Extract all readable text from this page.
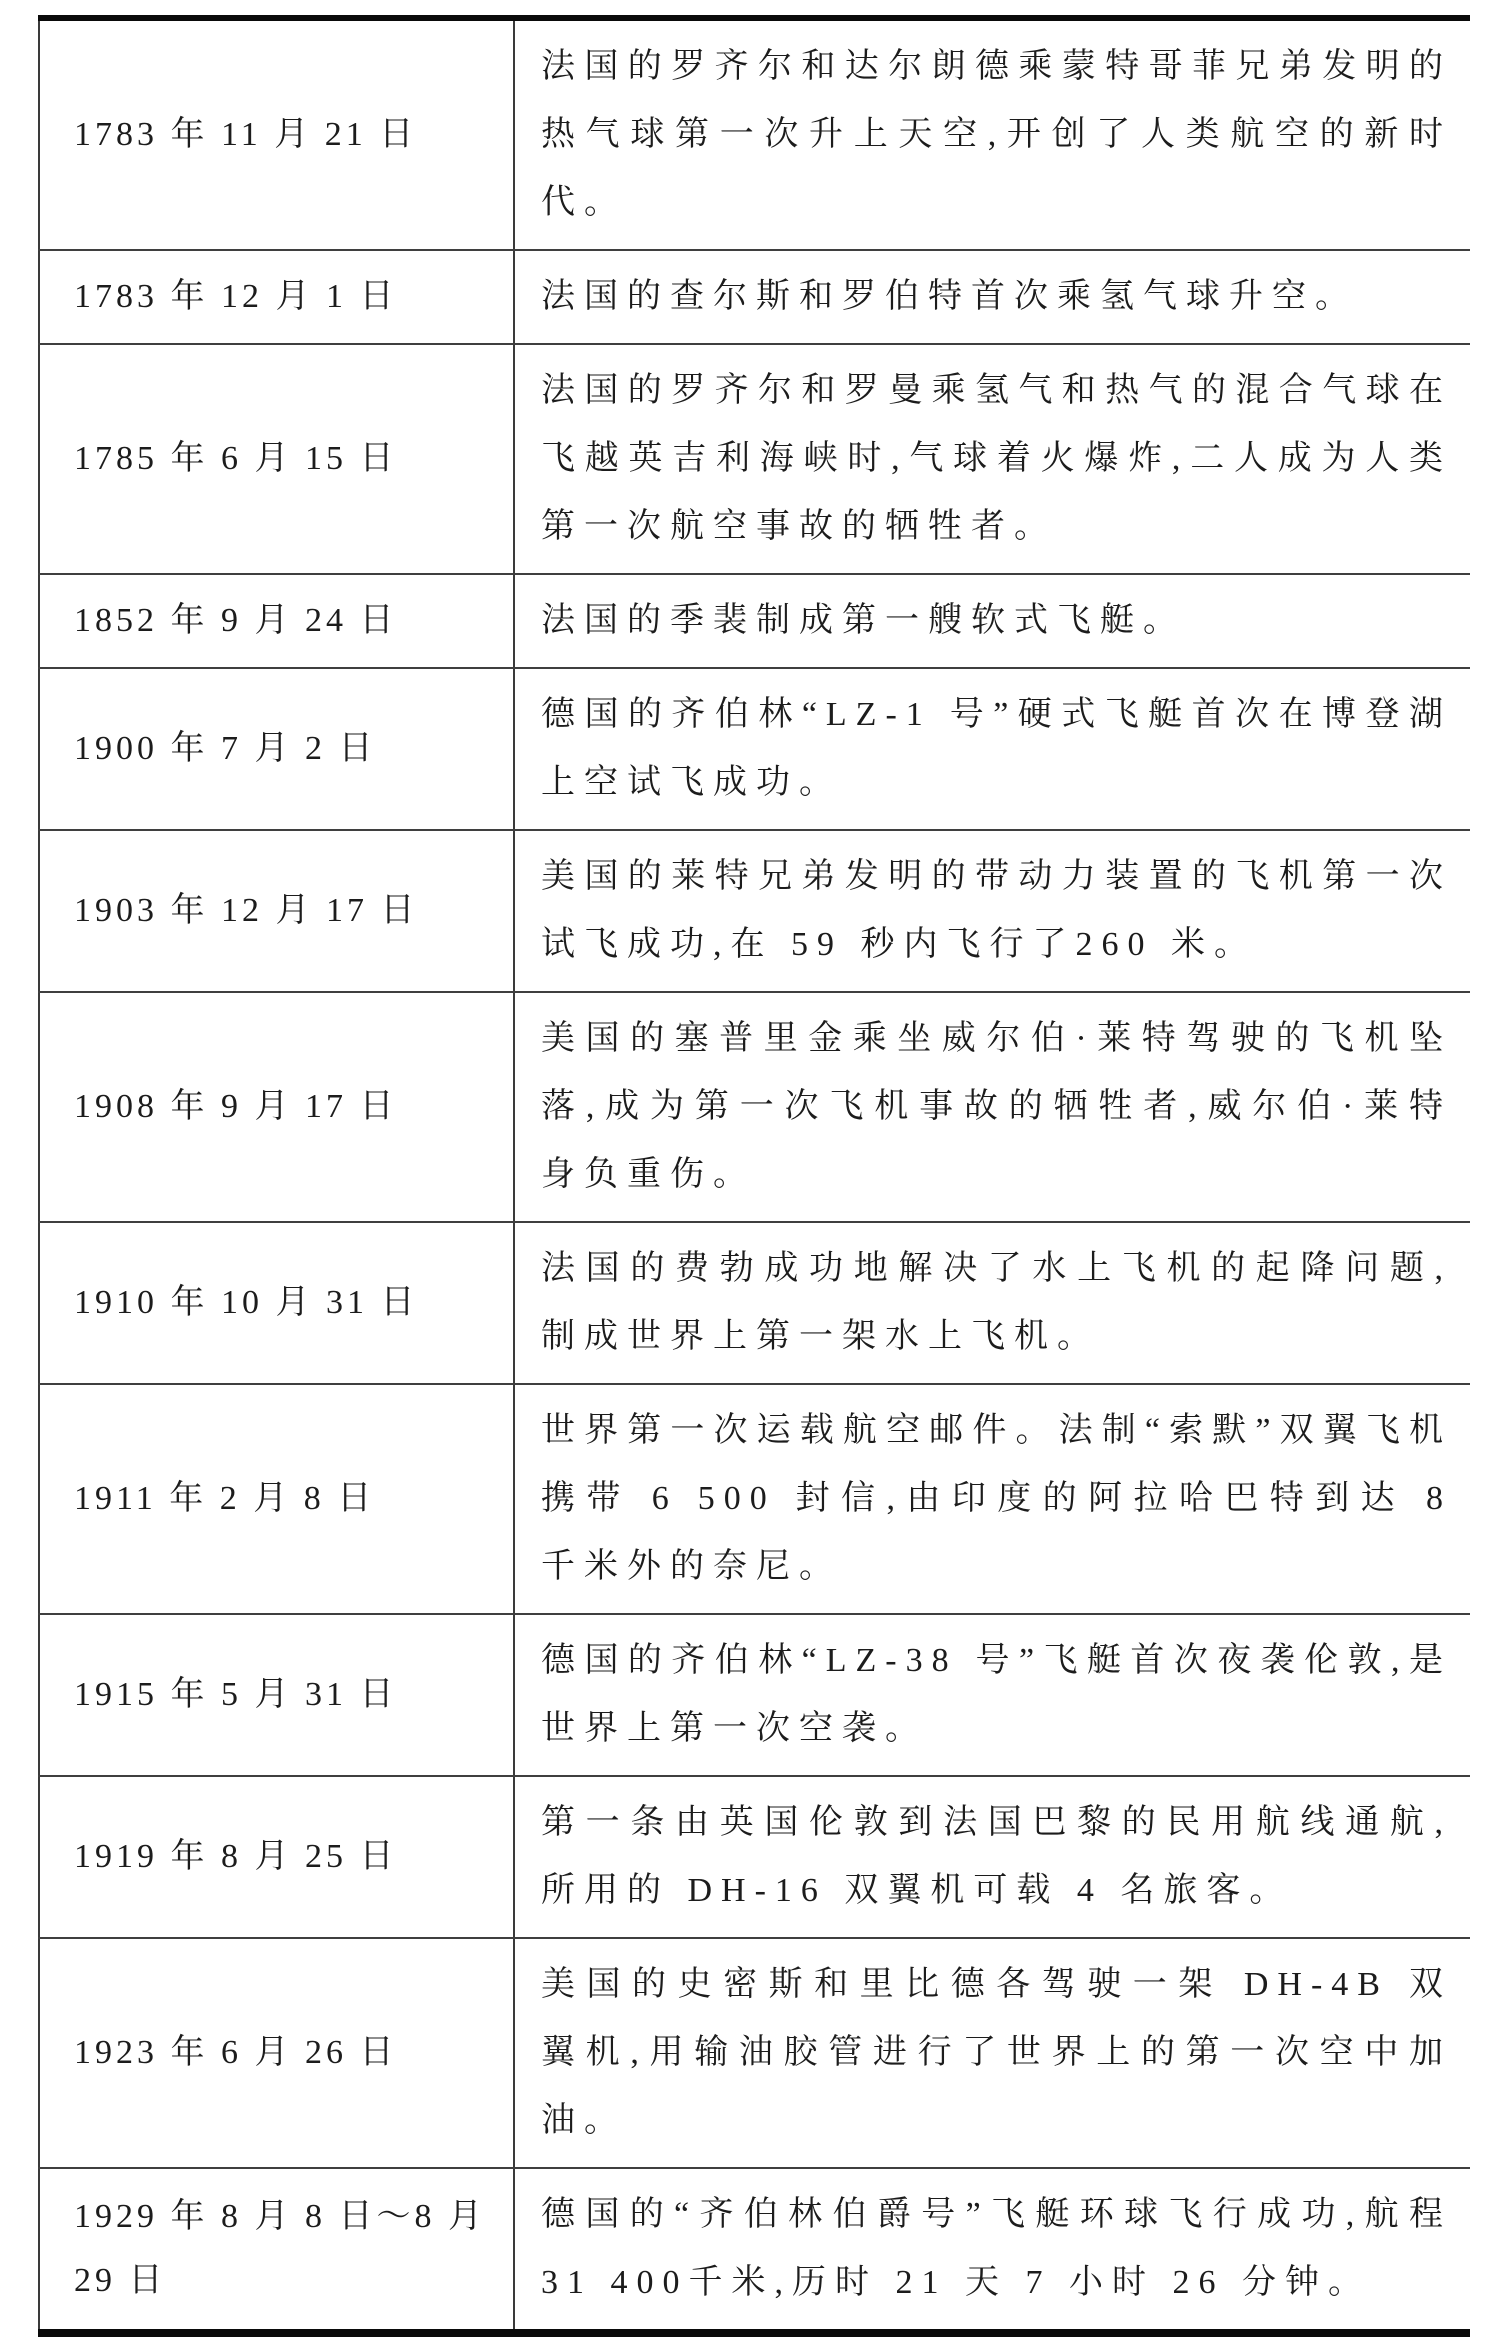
1783 年 11 月 21 日	法国的罗齐尔和达尔朗德乘蒙特哥菲兄弟发明的热气球第一次升上天空,开创了人类航空的新时代。
1783 年 12 月 1 日	法国的查尔斯和罗伯特首次乘氢气球升空。
1785 年 6 月 15 日	法国的罗齐尔和罗曼乘氢气和热气的混合气球在飞越英吉利海峡时,气球着火爆炸,二人成为人类第一次航空事故的牺牲者。
1852 年 9 月 24 日	法国的季裴制成第一艘软式飞艇。
1900 年 7 月 2 日	德国的齐伯林“LZ-1 号”硬式飞艇首次在博登湖上空试飞成功。
1903 年 12 月 17 日	美国的莱特兄弟发明的带动力装置的飞机第一次试飞成功,在 59 秒内飞行了260 米。
1908 年 9 月 17 日	美国的塞普里金乘坐威尔伯·莱特驾驶的飞机坠落,成为第一次飞机事故的牺牲者,威尔伯·莱特身负重伤。
1910 年 10 月 31 日	法国的费勃成功地解决了水上飞机的起降问题,制成世界上第一架水上飞机。
1911 年 2 月 8 日	世界第一次运载航空邮件。法制“索默”双翼飞机携带 6 500 封信,由印度的阿拉哈巴特到达 8 千米外的奈尼。
1915 年 5 月 31 日	德国的齐伯林“LZ-38 号”飞艇首次夜袭伦敦,是世界上第一次空袭。
1919 年 8 月 25 日	第一条由英国伦敦到法国巴黎的民用航线通航,所用的 DH-16 双翼机可载 4 名旅客。
1923 年 6 月 26 日	美国的史密斯和里比德各驾驶一架 DH-4B 双翼机,用输油胶管进行了世界上的第一次空中加油。
1929 年 8 月 8 日～8 月 29 日	德国的“齐伯林伯爵号”飞艇环球飞行成功,航程 31 400千米,历时 21 天 7 小时 26 分钟。
